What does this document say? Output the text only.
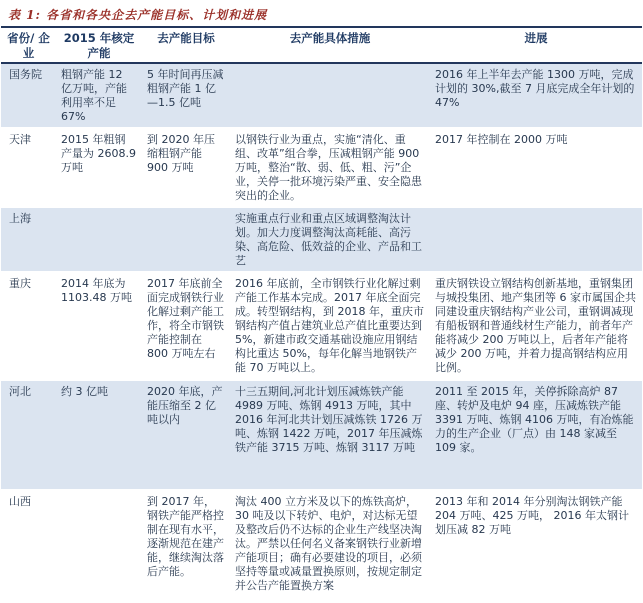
表 1: 各省和各央企去产能目标、计划和进展
省份/ 企业	2015 年核定 产能	去产能目标	去产能具体措施	进展
国务院	粗钢产能 12 亿万吨，产能利用率不足 67%	5 年时间再压减粗钢产能 1 亿—1.5 亿吨		2016 年上半年去产能 1300 万吨，完成计划的 30%,截至 7 月底完成全年计划的 47%
天津	2015 年粗钢产量为 2608.9 万吨	到 2020 年压缩粗钢产能 900 万吨	以钢铁行业为重点，实施“清化、重组、改革”组合拳，压减粗钢产能 900 万吨，整治“散、弱、低、粗、污”企业，关停一批环境污染严重、安全隐患突出的企业。	2017 年控制在 2000 万吨
上海			实施重点行业和重点区域调整淘汰计划。加大力度调整淘汰高耗能、高污染、高危险、低效益的企业、产品和工艺	
重庆	2014 年底为 1103.48 万吨	2017 年底前全面完成钢铁行业化解过剩产能工作，将全市钢铁产能控制在 800 万吨左右	2016 年底前，全市钢铁行业化解过剩产能工作基本完成。2017 年底全面完成。转型钢结构，到 2018 年，重庆市钢结构产值占建筑业总产值比重要达到 5%，新建市政交通基础设施应用钢结构比重达 50%，每年化解当地钢铁产能 70 万吨以上。	重庆钢铁设立钢结构创新基地，重钢集团与城投集团、地产集团等 6 家市属国企共同建设重庆钢结构产业公司，重钢调减现有船板钢和普通线材生产能力，前者年产能将减少 200 万吨以上，后者年产能将减少 200 万吨，并着力提高钢结构应用比例。
河北	约 3 亿吨	2020 年底，产能压缩至 2 亿吨以内	十三五期间,河北计划压减炼铁产能 4989 万吨、炼钢 4913 万吨，其中 2016 年河北共计划压减炼铁 1726 万吨、炼钢 1422 万吨，2017 年压减炼铁产能 3715 万吨、炼钢 3117 万吨	2011 至 2015 年，关停拆除高炉 87 座、转炉及电炉 94 座，压减炼铁产能 3391 万吨、炼钢 4106 万吨，有冶炼能力的生产企业（厂点）由 148 家减至 109 家。
山西		到 2017 年，钢铁产能严格控制在现有水平，逐渐规范在建产能，继续淘汰落后产能。	淘汰 400 立方米及以下的炼铁高炉，30 吨及以下转炉、电炉，对达标无望及整改后仍不达标的企业生产线坚决淘汰。严禁以任何名义备案钢铁行业新增产能项目；确有必要建设的项目，必须坚持等量或减量置换原则，按规定制定并公告产能置换方案	2013 年和 2014 年分别淘汰钢铁产能 204 万吨、425 万吨， 2016 年太钢计划压减 82 万吨
